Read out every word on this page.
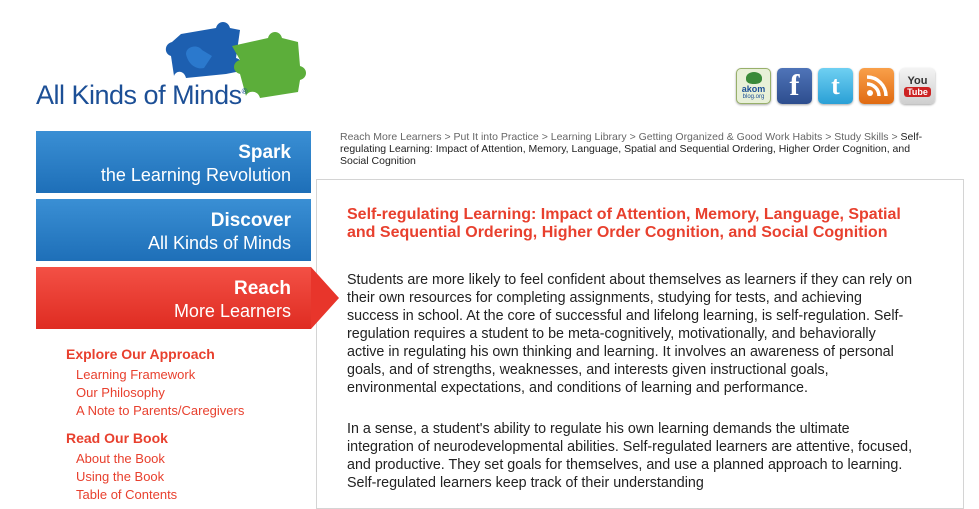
All Kinds of Minds®	akom
blog.org f t	You
Tube
Spark
the Learning Revolution
Discover
All Kinds of Minds
Reach
More Learners
Explore Our Approach
Learning Framework
Our Philosophy
A Note to Parents/Caregivers
Read Our Book
About the Book
Using the Book
Table of Contents
Reach More Learners > Put It into Practice > Learning Library > Getting Organized & Good Work Habits > Study Skills > Self-regulating Learning: Impact of Attention, Memory, Language, Spatial and Sequential Ordering, Higher Order Cognition, and Social Cognition
Self-regulating Learning: Impact of Attention, Memory, Language, Spatial and Sequential Ordering, Higher Order Cognition, and Social Cognition

Students are more likely to feel confident about themselves as learners if they can rely on their own resources for completing assignments, studying for tests, and achieving success in school. At the core of successful and lifelong learning, is self-regulation. Self-regulation requires a student to be meta-cognitively, motivationally, and behaviorally active in regulating his own thinking and learning. It involves an awareness of personal goals, and of strengths, weaknesses, and interests given instructional goals, environmental expectations, and conditions of learning and performance.

In a sense, a student's ability to regulate his own learning demands the ultimate integration of neurodevelopmental abilities. Self-regulated learners are attentive, focused, and productive. They set goals for themselves, and use a planned approach to learning. Self-regulated learners keep track of their understanding
